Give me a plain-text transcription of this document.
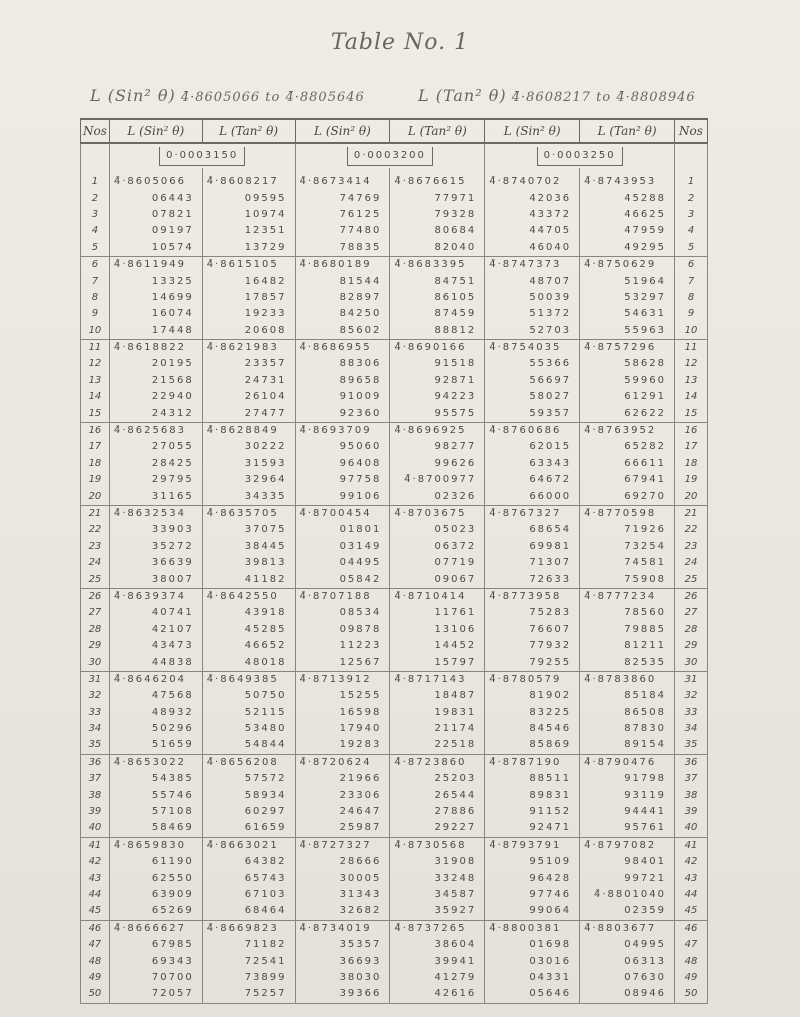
Table No. 1
L (Sin² θ) 4̄·8605066 to 4̄·8805646	L (Tan² θ) 4̄·8608217 to 4̄·8808946
Nos	L (Sin² θ)	L (Tan² θ)	L (Sin² θ)	L (Tan² θ)	L (Sin² θ)	L (Tan² θ)	Nos
	0·0003150		0·0003200		0·0003250		

1	4̄·8605066	4̄·8608217	4̄·8673414	4̄·8676615	4̄·8740702	4̄·8743953	1
2	06443	09595	74769	77971	42036	45288	2
3	07821	10974	76125	79328	43372	46625	3
4	09197	12351	77480	80684	44705	47959	4
5	10574	13729	78835	82040	46040	49295	5
6	4̄·8611949	4̄·8615105	4̄·8680189	4̄·8683395	4̄·8747373	4̄·8750629	6
7	13325	16482	81544	84751	48707	51964	7
8	14699	17857	82897	86105	50039	53297	8
9	16074	19233	84250	87459	51372	54631	9
10	17448	20608	85602	88812	52703	55963	10
11	4̄·8618822	4̄·8621983	4̄·8686955	4̄·8690166	4̄·8754035	4̄·8757296	11
12	20195	23357	88306	91518	55366	58628	12
13	21568	24731	89658	92871	56697	59960	13
14	22940	26104	91009	94223	58027	61291	14
15	24312	27477	92360	95575	59357	62622	15
16	4̄·8625683	4̄·8628849	4̄·8693709	4̄·8696925	4̄·8760686	4̄·8763952	16
17	27055	30222	95060	98277	62015	65282	17
18	28425	31593	96408	99626	63343	66611	18
19	29795	32964	97758	4̄·8700977	64672	67941	19
20	31165	34335	99106	02326	66000	69270	20
21	4̄·8632534	4̄·8635705	4̄·8700454	4̄·8703675	4̄·8767327	4̄·8770598	21
22	33903	37075	01801	05023	68654	71926	22
23	35272	38445	03149	06372	69981	73254	23
24	36639	39813	04495	07719	71307	74581	24
25	38007	41182	05842	09067	72633	75908	25
26	4̄·8639374	4̄·8642550	4̄·8707188	4̄·8710414	4̄·8773958	4̄·8777234	26
27	40741	43918	08534	11761	75283	78560	27
28	42107	45285	09878	13106	76607	79885	28
29	43473	46652	11223	14452	77932	81211	29
30	44838	48018	12567	15797	79255	82535	30
31	4̄·8646204	4̄·8649385	4̄·8713912	4̄·8717143	4̄·8780579	4̄·8783860	31
32	47568	50750	15255	18487	81902	85184	32
33	48932	52115	16598	19831	83225	86508	33
34	50296	53480	17940	21174	84546	87830	34
35	51659	54844	19283	22518	85869	89154	35
36	4̄·8653022	4̄·8656208	4̄·8720624	4̄·8723860	4̄·8787190	4̄·8790476	36
37	54385	57572	21966	25203	88511	91798	37
38	55746	58934	23306	26544	89831	93119	38
39	57108	60297	24647	27886	91152	94441	39
40	58469	61659	25987	29227	92471	95761	40
41	4̄·8659830	4̄·8663021	4̄·8727327	4̄·8730568	4̄·8793791	4̄·8797082	41
42	61190	64382	28666	31908	95109	98401	42
43	62550	65743	30005	33248	96428	99721	43
44	63909	67103	31343	34587	97746	4̄·8801040	44
45	65269	68464	32682	35927	99064	02359	45
46	4̄·8666627	4̄·8669823	4̄·8734019	4̄·8737265	4̄·8800381	4̄·8803677	46
47	67985	71182	35357	38604	01698	04995	47
48	69343	72541	36693	39941	03016	06313	48
49	70700	73899	38030	41279	04331	07630	49
50	72057	75257	39366	42616	05646	08946	50
